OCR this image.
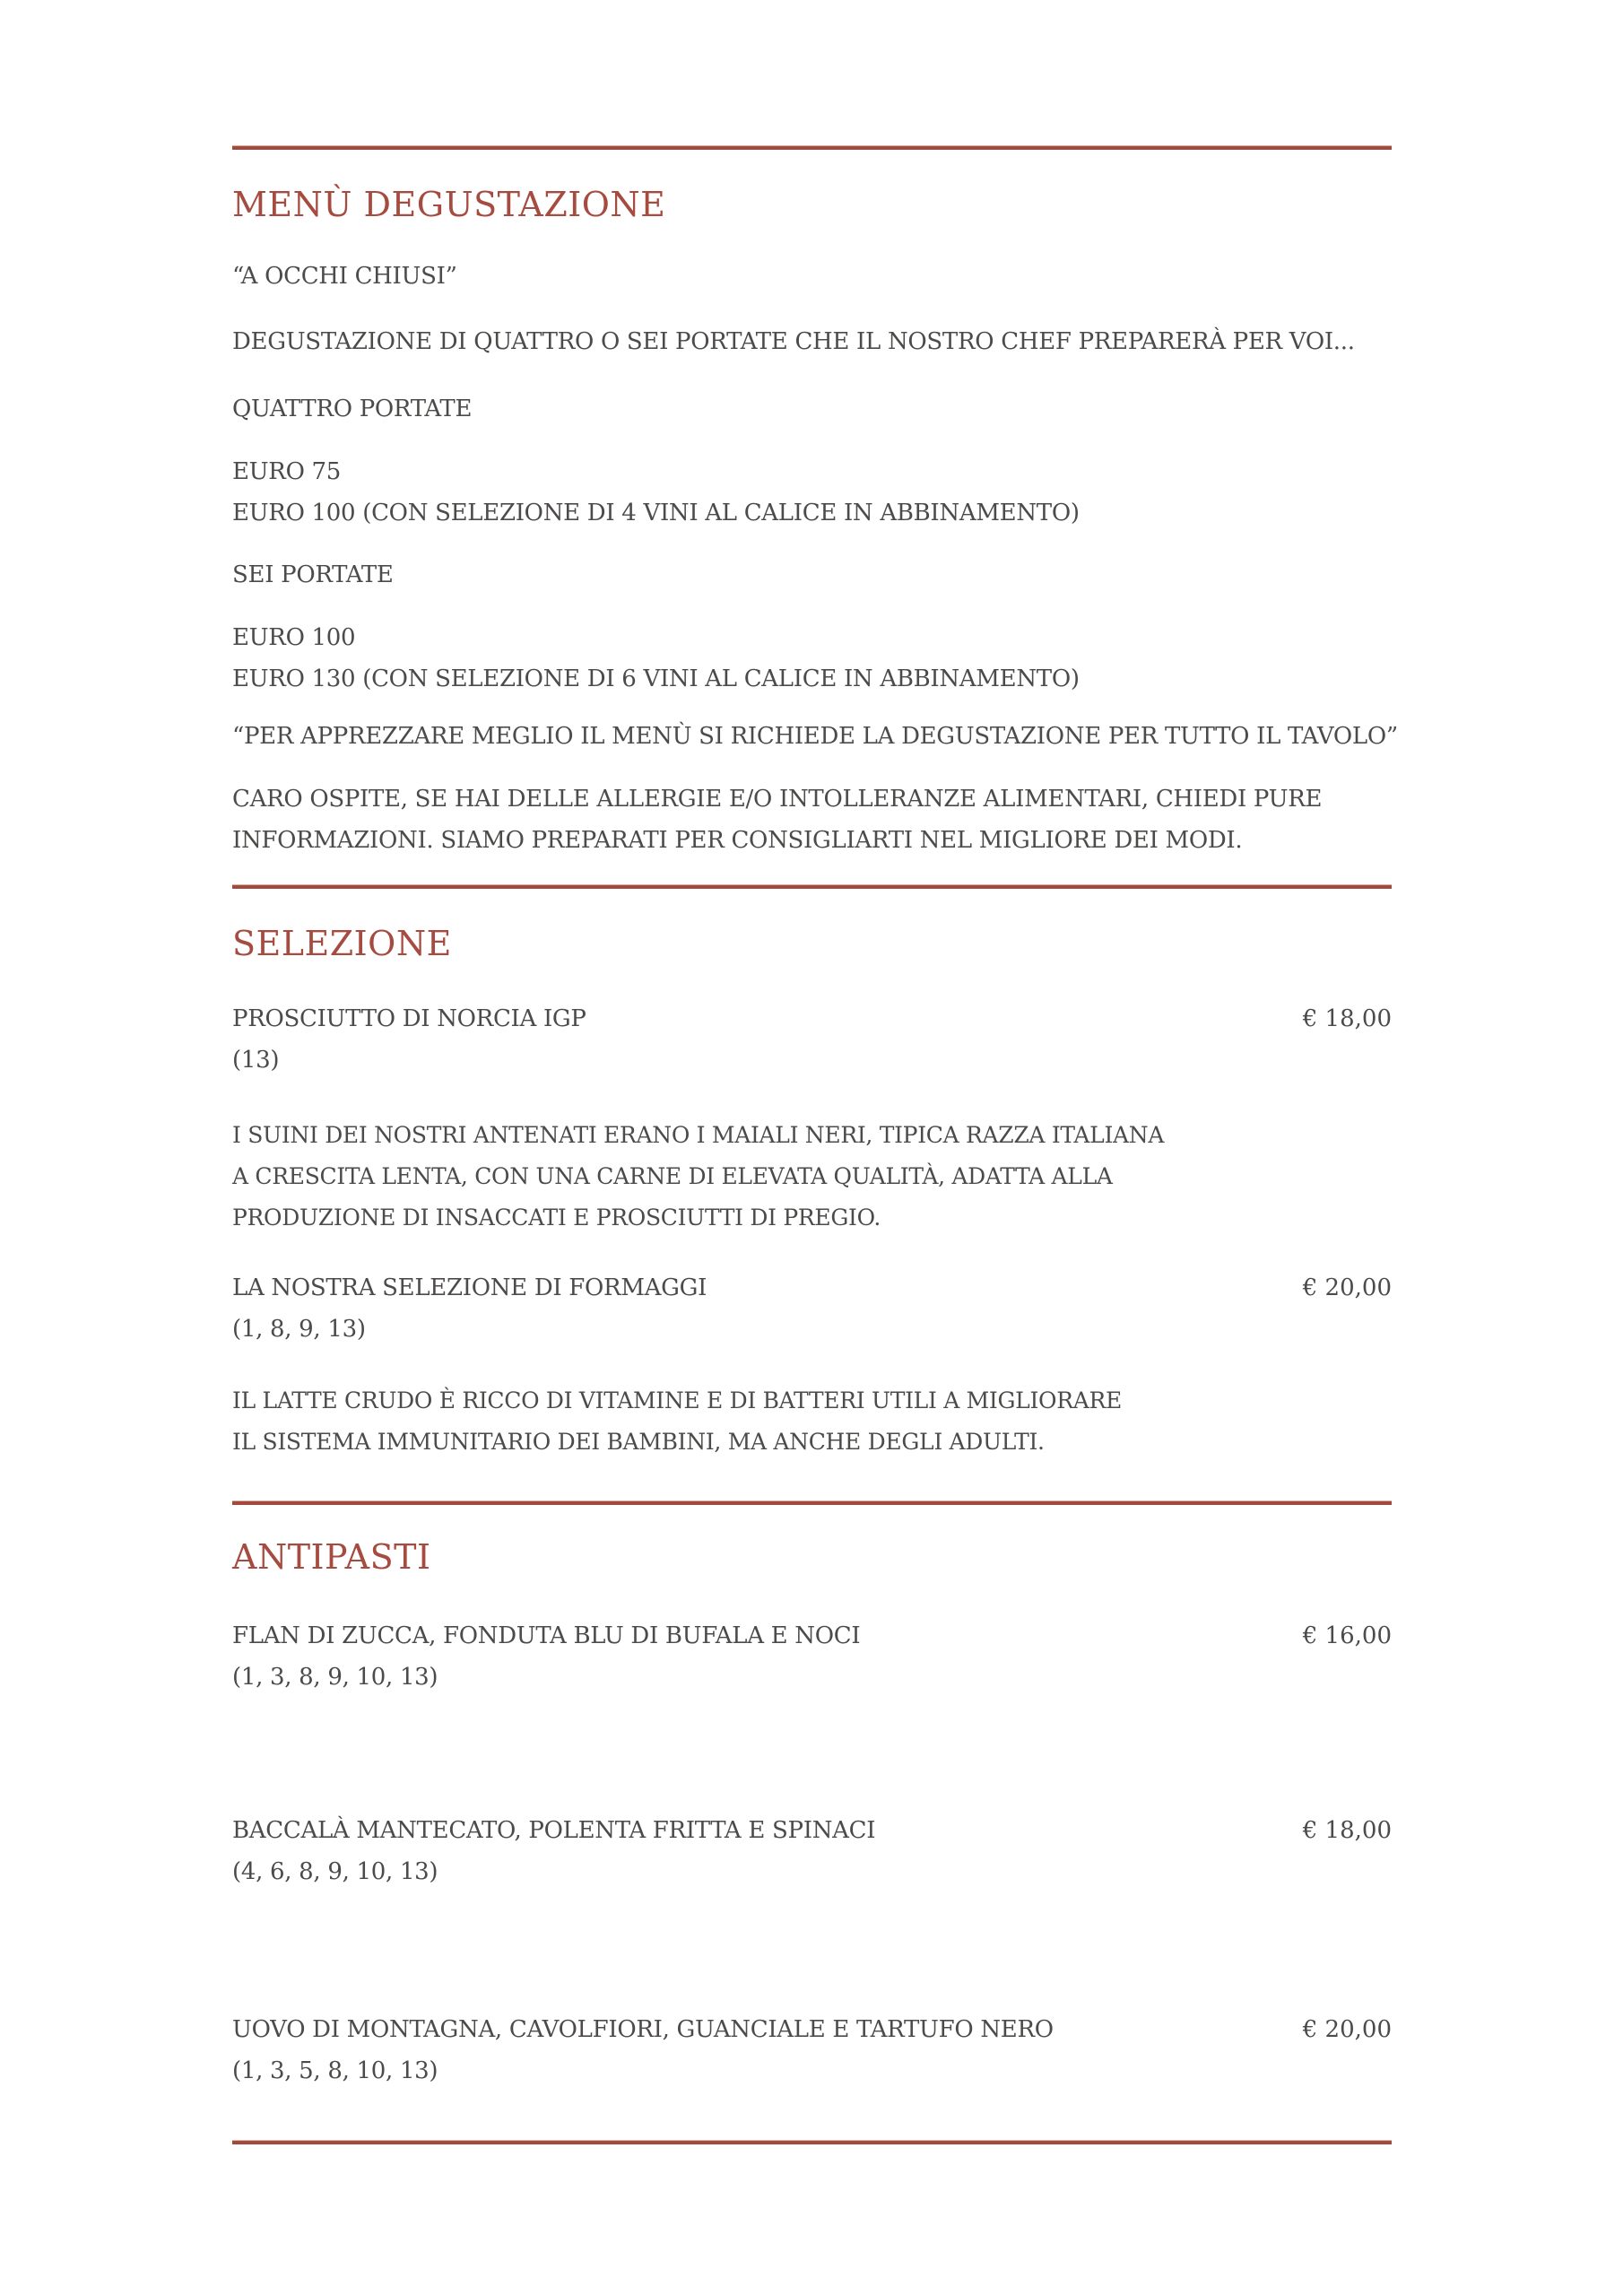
MENÙ DEGUSTAZIONE

“A OCCHI CHIUSI”

DEGUSTAZIONE DI QUATTRO O SEI PORTATE CHE IL NOSTRO CHEF PREPARERÀ PER VOI...

QUATTRO PORTATE

EURO 75

EURO 100 (CON SELEZIONE DI 4 VINI AL CALICE IN ABBINAMENTO)

SEI PORTATE

EURO 100

EURO 130 (CON SELEZIONE DI 6 VINI AL CALICE IN ABBINAMENTO)

“PER APPREZZARE MEGLIO IL MENÙ SI RICHIEDE LA DEGUSTAZIONE PER TUTTO IL TAVOLO”

CARO OSPITE, SE HAI DELLE ALLERGIE E/O INTOLLERANZE ALIMENTARI, CHIEDI PURE

INFORMAZIONI. SIAMO PREPARATI PER CONSIGLIARTI NEL MIGLIORE DEI MODI.

SELEZIONE
PROSCIUTTO DI NORCIA IGP	€ 18,00
(13)

I SUINI DEI NOSTRI ANTENATI ERANO I MAIALI NERI, TIPICA RAZZA ITALIANA

A CRESCITA LENTA, CON UNA CARNE DI ELEVATA QUALITÀ, ADATTA ALLA

PRODUZIONE DI INSACCATI E PROSCIUTTI DI PREGIO.

LA NOSTRA SELEZIONE DI FORMAGGI	€ 20,00
(1, 8, 9, 13)

IL LATTE CRUDO È RICCO DI VITAMINE E DI BATTERI UTILI A MIGLIORARE

IL SISTEMA IMMUNITARIO DEI BAMBINI, MA ANCHE DEGLI ADULTI.

ANTIPASTI
FLAN DI ZUCCA, FONDUTA BLU DI BUFALA E NOCI	€ 16,00
(1, 3, 8, 9, 10, 13)
BACCALÀ MANTECATO, POLENTA FRITTA E SPINACI	€ 18,00
(4, 6, 8, 9, 10, 13)
UOVO DI MONTAGNA, CAVOLFIORI, GUANCIALE E TARTUFO NERO	€ 20,00
(1, 3, 5, 8, 10, 13)
